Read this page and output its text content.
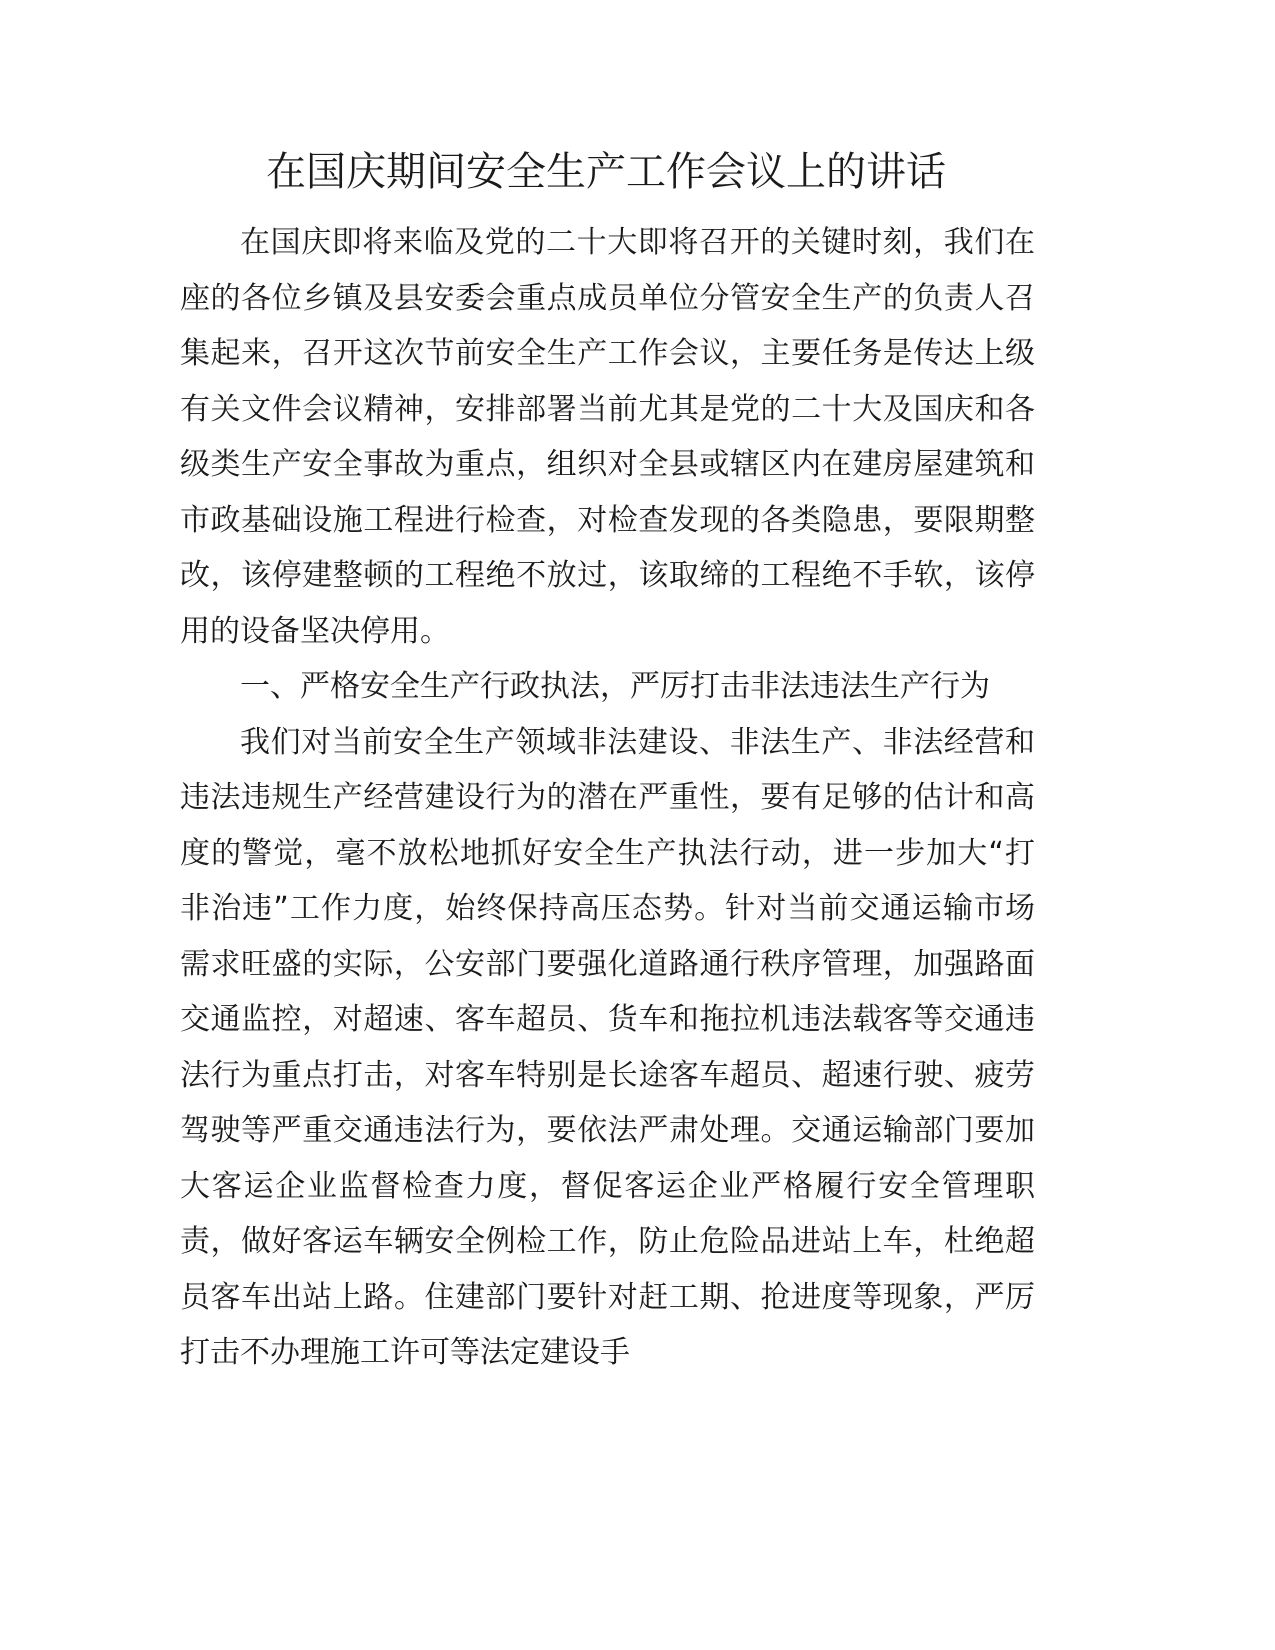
在国庆期间安全生产工作会议上的讲话

在国庆即将来临及党的二十大即将召开的关键时刻，我们在座的各位乡镇及县安委会重点成员单位分管安全生产的负责人召集起来，召开这次节前安全生产工作会议，主要任务是传达上级有关文件会议精神，安排部署当前尤其是党的二十大及国庆和各级类生产安全事故为重点，组织对全县或辖区内在建房屋建筑和市政基础设施工程进行检查，对检查发现的各类隐患，要限期整改，该停建整顿的工程绝不放过，该取缔的工程绝不手软，该停用的设备坚决停用。

一、严格安全生产行政执法，严厉打击非法违法生产行为

我们对当前安全生产领域非法建设、非法生产、非法经营和违法违规生产经营建设行为的潜在严重性，要有足够的估计和高度的警觉，毫不放松地抓好安全生产执法行动，进一步加大“打非治违”工作力度，始终保持高压态势。针对当前交通运输市场需求旺盛的实际，公安部门要强化道路通行秩序管理，加强路面交通监控，对超速、客车超员、货车和拖拉机违法载客等交通违法行为重点打击，对客车特别是长途客车超员、超速行驶、疲劳驾驶等严重交通违法行为，要依法严肃处理。交通运输部门要加大客运企业监督检查力度，督促客运企业严格履行安全管理职责，做好客运车辆安全例检工作，防止危险品进站上车，杜绝超员客车出站上路。住建部门要针对赶工期、抢进度等现象，严厉打击不办理施工许可等法定建设手
